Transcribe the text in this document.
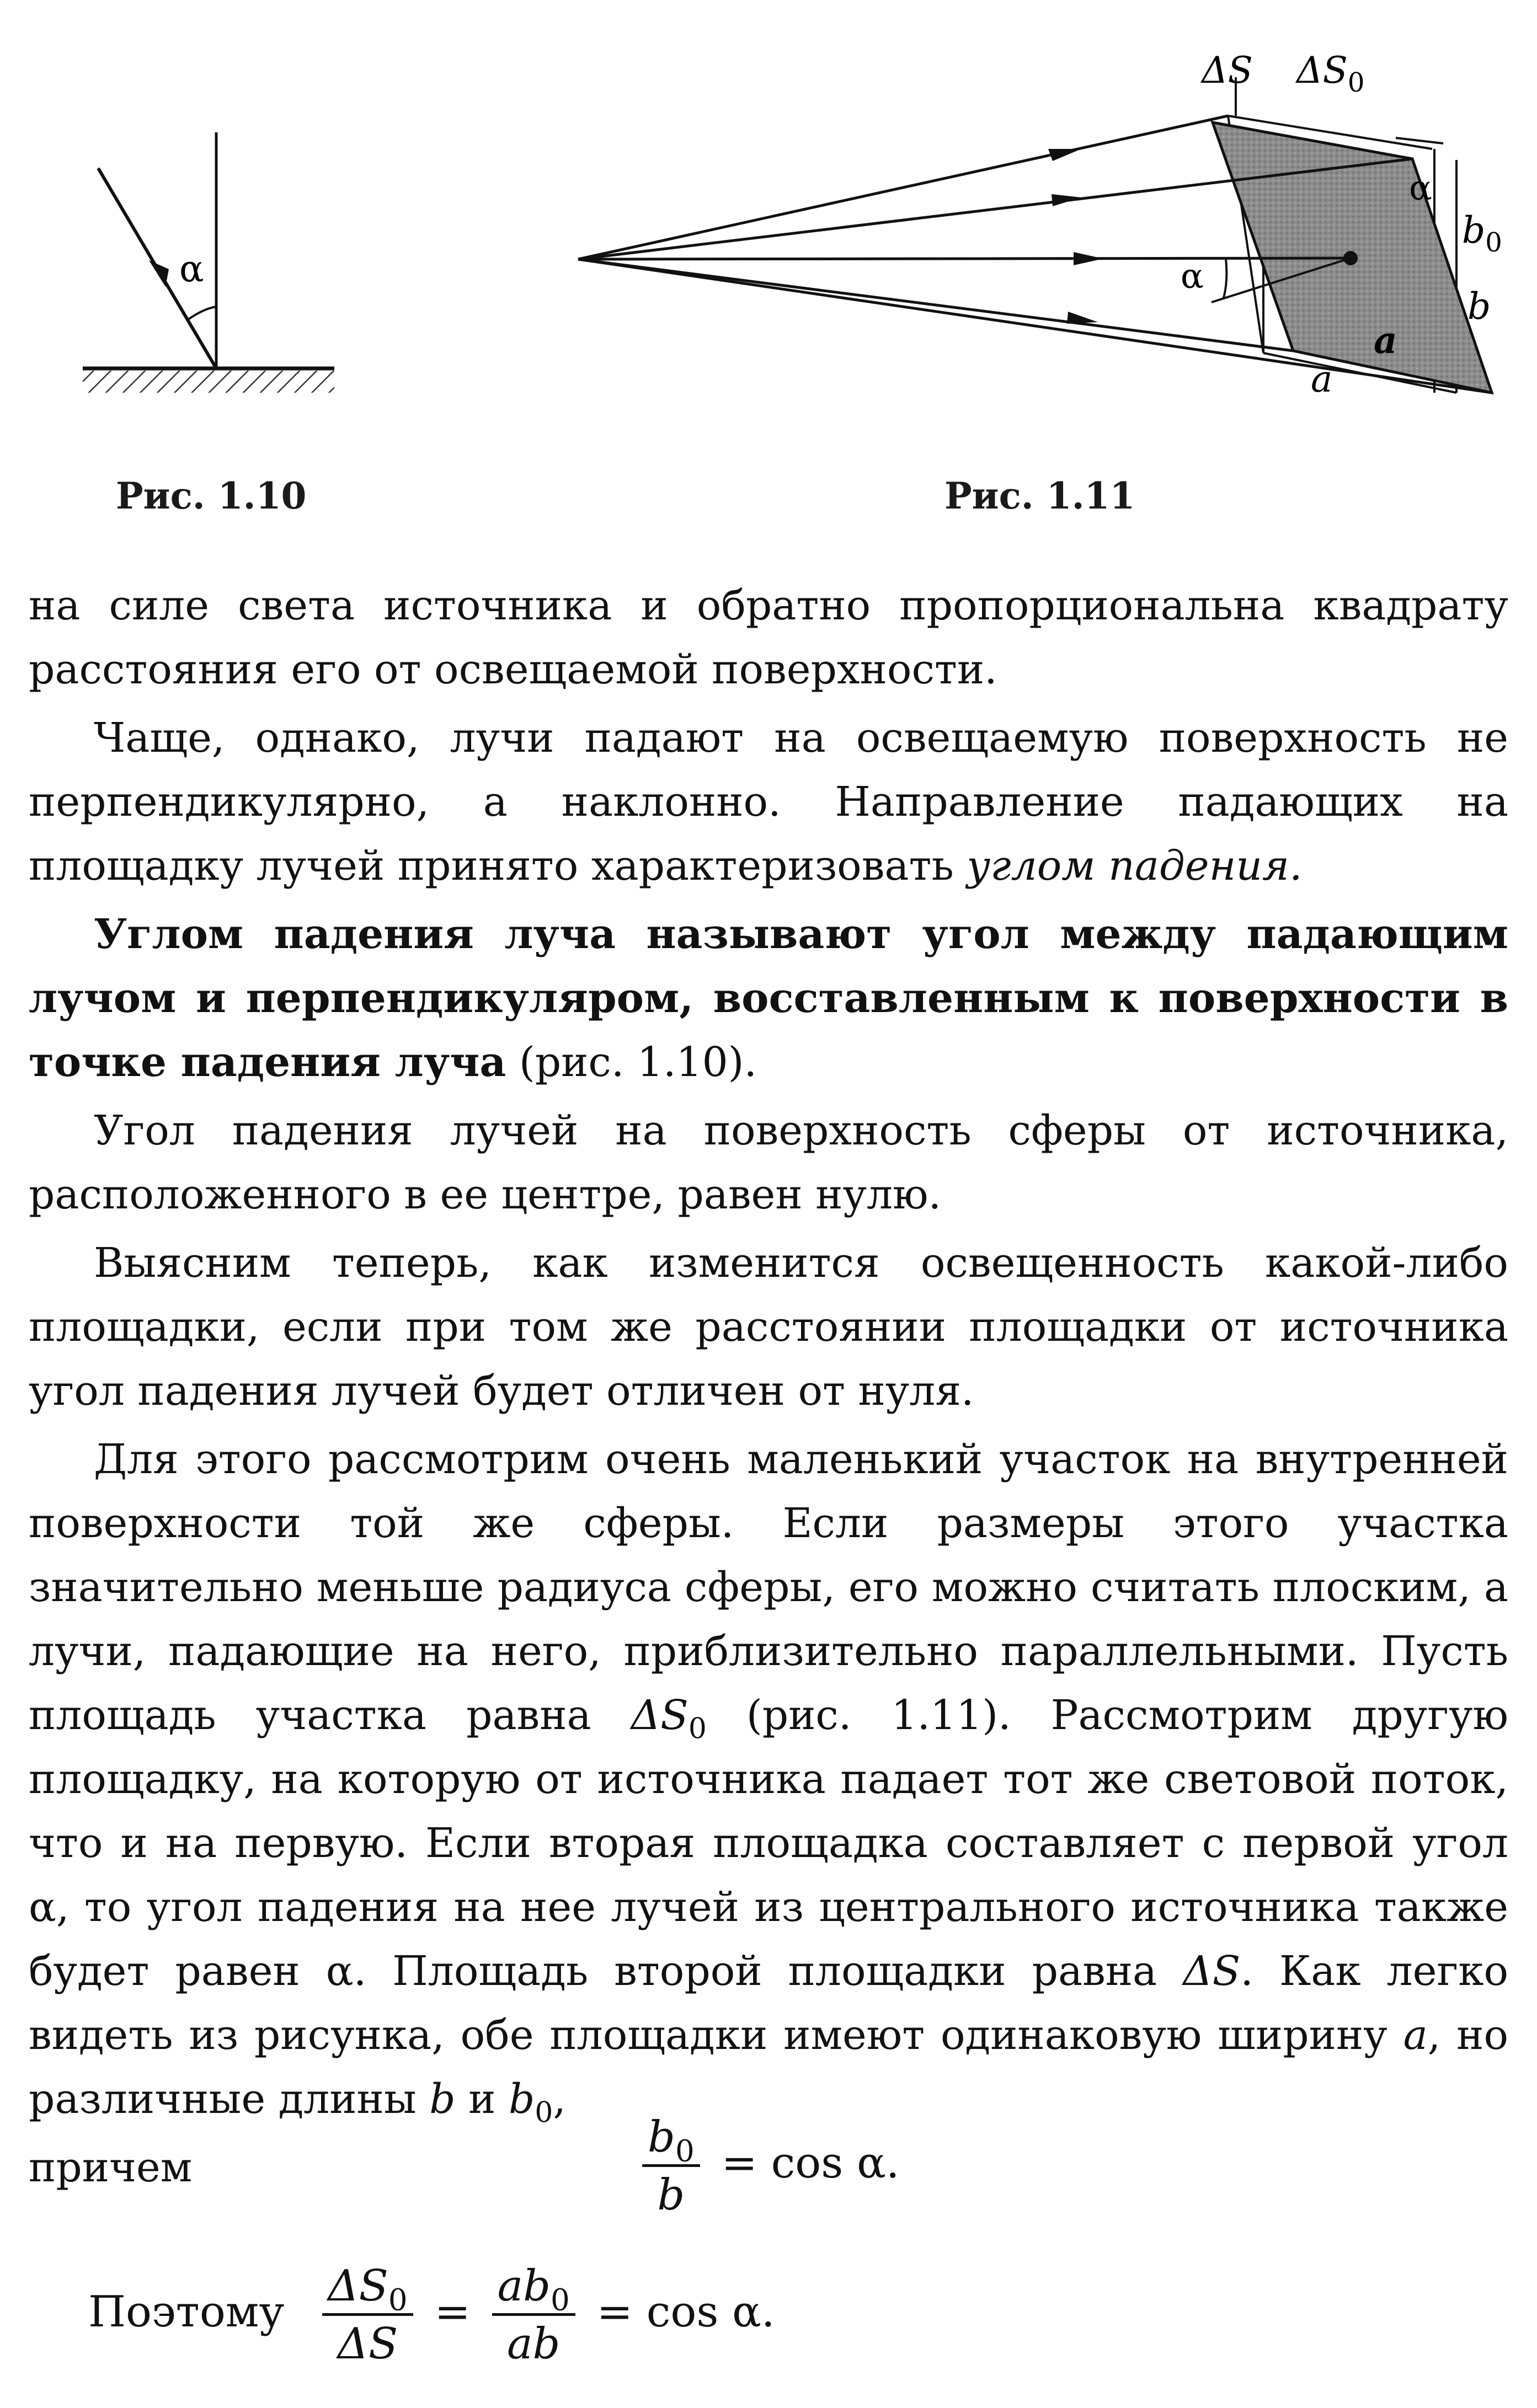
α
ΔS $\Delta S_0$
α
α
$b_0$
b
a
a
Рис. 1.10	Рис. 1.11

на силе света источника и обратно пропорциональна квадрату расстояния его от освещаемой поверхности.

Чаще, однако, лучи падают на освещаемую поверхность не перпендикулярно, а наклонно. Направление падающих на площадку лучей принято характеризовать углом падения.

Углом падения луча называют угол между падающим лучом и перпендикуляром, восставленным к поверхности в точке падения луча (рис. 1.10).

Угол падения лучей на поверхность сферы от источника, расположенного в ее центре, равен нулю.

Выясним теперь, как изменится освещенность какой-либо площадки, если при том же расстоянии площадки от источника угол падения лучей будет отличен от нуля.

Для этого рассмотрим очень маленький участок на внутренней поверхности той же сферы. Если размеры этого участка значительно меньше радиуса сферы, его можно считать плоским, а лучи, падающие на него, приблизительно параллельными. Пусть площадь участка равна $\Delta S_0$ (рис. 1.11). Рассмотрим другую площадку, на которую от источника падает тот же световой поток, что и на первую. Если вторая площадка составляет с первой угол α, то угол падения на нее лучей из центрального источника также будет равен α. Площадь второй площадки равна ΔS. Как легко видеть из рисунка, обе площадки имеют одинаковую ширину a, но различные длины b и $b_0$,

причем	$\frac{b_0}{b} = \cos \alpha$.
Поэтому $\frac{\Delta S_0}{\Delta S} = \frac{ab_0}{ab} = \cos \alpha$.
